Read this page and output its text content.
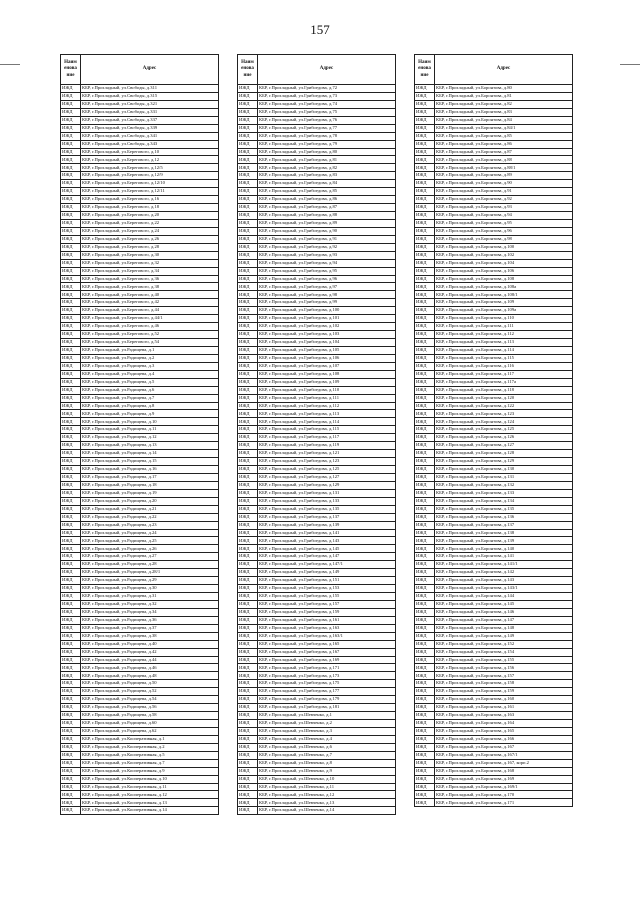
157
Наим енова ние	Адрес
ИЖД	КБР, г.Прохладный, ул.Свободы, д.311
ИЖД	КБР, г.Прохладный, ул.Свободы, д.315
ИЖД	КБР, г.Прохладный, ул.Свободы, д.321
ИЖД	КБР, г.Прохладный, ул.Свободы, д.331
ИЖД	КБР, г.Прохладный, ул.Свободы, д.337
ИЖД	КБР, г.Прохладный, ул.Свободы, д.339
ИЖД	КБР, г.Прохладный, ул.Свободы, д.341
ИЖД	КБР, г.Прохладный, ул.Свободы, д.343
ИЖД	КБР, г.Прохладный, ул.Берегового, д.10
ИЖД	КБР, г.Прохладный, ул.Берегового, д.12
ИЖД	КБР, г.Прохладный, ул.Берегового, д.12/5
ИЖД	КБР, г.Прохладный, ул.Берегового, д.12/9
ИЖД	КБР, г.Прохладный, ул.Берегового, д.12/10
ИЖД	КБР, г.Прохладный, ул.Берегового, д.12/11
ИЖД	КБР, г.Прохладный, ул.Берегового, д.16
ИЖД	КБР, г.Прохладный, ул.Берегового, д.18
ИЖД	КБР, г.Прохладный, ул.Берегового, д.20
ИЖД	КБР, г.Прохладный, ул.Берегового, д.22
ИЖД	КБР, г.Прохладный, ул.Берегового, д.24
ИЖД	КБР, г.Прохладный, ул.Берегового, д.26
ИЖД	КБР, г.Прохладный, ул.Берегового, д.28
ИЖД	КБР, г.Прохладный, ул.Берегового, д.30
ИЖД	КБР, г.Прохладный, ул.Берегового, д.32
ИЖД	КБР, г.Прохладный, ул.Берегового, д.34
ИЖД	КБР, г.Прохладный, ул.Берегового, д.36
ИЖД	КБР, г.Прохладный, ул.Берегового, д.38
ИЖД	КБР, г.Прохладный, ул.Берегового, д.40
ИЖД	КБР, г.Прохладный, ул.Берегового, д.42
ИЖД	КБР, г.Прохладный, ул.Берегового, д.44
ИЖД	КБР, г.Прохладный, ул.Берегового, д.44/1
ИЖД	КБР, г.Прохладный, ул.Берегового, д.46
ИЖД	КБР, г.Прохладный, ул.Берегового, д.52
ИЖД	КБР, г.Прохладный, ул.Берегового, д.54
ИЖД	КБР, г.Прохладный, ул.Радищева, д.1
ИЖД	КБР, г.Прохладный, ул.Радищева, д.2
ИЖД	КБР, г.Прохладный, ул.Радищева, д.3
ИЖД	КБР, г.Прохладный, ул.Радищева, д.4
ИЖД	КБР, г.Прохладный, ул.Радищева, д.5
ИЖД	КБР, г.Прохладный, ул.Радищева, д.6
ИЖД	КБР, г.Прохладный, ул.Радищева, д.7
ИЖД	КБР, г.Прохладный, ул.Радищева, д.8
ИЖД	КБР, г.Прохладный, ул.Радищева, д.9
ИЖД	КБР, г.Прохладный, ул.Радищева, д.10
ИЖД	КБР, г.Прохладный, ул.Радищева, д.11
ИЖД	КБР, г.Прохладный, ул.Радищева, д.12
ИЖД	КБР, г.Прохладный, ул.Радищева, д.13
ИЖД	КБР, г.Прохладный, ул.Радищева, д.14
ИЖД	КБР, г.Прохладный, ул.Радищева, д.15
ИЖД	КБР, г.Прохладный, ул.Радищева, д.16
ИЖД	КБР, г.Прохладный, ул.Радищева, д.17
ИЖД	КБР, г.Прохладный, ул.Радищева, д.18
ИЖД	КБР, г.Прохладный, ул.Радищева, д.19
ИЖД	КБР, г.Прохладный, ул.Радищева, д.20
ИЖД	КБР, г.Прохладный, ул.Радищева, д.21
ИЖД	КБР, г.Прохладный, ул.Радищева, д.22
ИЖД	КБР, г.Прохладный, ул.Радищева, д.23
ИЖД	КБР, г.Прохладный, ул.Радищева, д.24
ИЖД	КБР, г.Прохладный, ул.Радищева, д.25
ИЖД	КБР, г.Прохладный, ул.Радищева, д.26
ИЖД	КБР, г.Прохладный, ул.Радищева, д.27
ИЖД	КБР, г.Прохладный, ул.Радищева, д.28
ИЖД	КБР, г.Прохладный, ул.Радищева, д.28/1
ИЖД	КБР, г.Прохладный, ул.Радищева, д.29
ИЖД	КБР, г.Прохладный, ул.Радищева, д.30
ИЖД	КБР, г.Прохладный, ул.Радищева, д.31
ИЖД	КБР, г.Прохладный, ул.Радищева, д.32
ИЖД	КБР, г.Прохладный, ул.Радищева, д.34
ИЖД	КБР, г.Прохладный, ул.Радищева, д.36
ИЖД	КБР, г.Прохладный, ул.Радищева, д.37
ИЖД	КБР, г.Прохладный, ул.Радищева, д.38
ИЖД	КБР, г.Прохладный, ул.Радищева, д.40
ИЖД	КБР, г.Прохладный, ул.Радищева, д.42
ИЖД	КБР, г.Прохладный, ул.Радищева, д.44
ИЖД	КБР, г.Прохладный, ул.Радищева, д.46
ИЖД	КБР, г.Прохладный, ул.Радищева, д.48
ИЖД	КБР, г.Прохладный, ул.Радищева, д.50
ИЖД	КБР, г.Прохладный, ул.Радищева, д.52
ИЖД	КБР, г.Прохладный, ул.Радищева, д.54
ИЖД	КБР, г.Прохладный, ул.Радищева, д.56
ИЖД	КБР, г.Прохладный, ул.Радищева, д.58
ИЖД	КБР, г.Прохладный, ул.Радищева, д.60
ИЖД	КБР, г.Прохладный, ул.Радищева, д.62
ИЖД	КБР, г.Прохладный, ул.Кооперативная, д.1
ИЖД	КБР, г.Прохладный, ул.Кооперативная, д.2
ИЖД	КБР, г.Прохладный, ул.Кооперативная, д.5
ИЖД	КБР, г.Прохладный, ул.Кооперативная, д.7
ИЖД	КБР, г.Прохладный, ул.Кооперативная, д.9
ИЖД	КБР, г.Прохладный, ул.Кооперативная, д.10
ИЖД	КБР, г.Прохладный, ул.Кооперативная, д.11
ИЖД	КБР, г.Прохладный, ул.Кооперативная, д.12
ИЖД	КБР, г.Прохладный, ул.Кооперативная, д.13
ИЖД	КБР, г.Прохладный, ул.Кооперативная, д.14
Наим енова ние	Адрес
ИЖД	КБР, г.Прохладный, ул.Грибоедова, д.72
ИЖД	КБР, г.Прохладный, ул.Грибоедова, д.73
ИЖД	КБР, г.Прохладный, ул.Грибоедова, д.74
ИЖД	КБР, г.Прохладный, ул.Грибоедова, д.75
ИЖД	КБР, г.Прохладный, ул.Грибоедова, д.76
ИЖД	КБР, г.Прохладный, ул.Грибоедова, д.77
ИЖД	КБР, г.Прохладный, ул.Грибоедова, д.78
ИЖД	КБР, г.Прохладный, ул.Грибоедова, д.79
ИЖД	КБР, г.Прохладный, ул.Грибоедова, д.80
ИЖД	КБР, г.Прохладный, ул.Грибоедова, д.81
ИЖД	КБР, г.Прохладный, ул.Грибоедова, д.82
ИЖД	КБР, г.Прохладный, ул.Грибоедова, д.83
ИЖД	КБР, г.Прохладный, ул.Грибоедова, д.84
ИЖД	КБР, г.Прохладный, ул.Грибоедова, д.85
ИЖД	КБР, г.Прохладный, ул.Грибоедова, д.86
ИЖД	КБР, г.Прохладный, ул.Грибоедова, д.87
ИЖД	КБР, г.Прохладный, ул.Грибоедова, д.88
ИЖД	КБР, г.Прохладный, ул.Грибоедова, д.89
ИЖД	КБР, г.Прохладный, ул.Грибоедова, д.90
ИЖД	КБР, г.Прохладный, ул.Грибоедова, д.91
ИЖД	КБР, г.Прохладный, ул.Грибоедова, д.92
ИЖД	КБР, г.Прохладный, ул.Грибоедова, д.93
ИЖД	КБР, г.Прохладный, ул.Грибоедова, д.94
ИЖД	КБР, г.Прохладный, ул.Грибоедова, д.95
ИЖД	КБР, г.Прохладный, ул.Грибоедова, д.96
ИЖД	КБР, г.Прохладный, ул.Грибоедова, д.97
ИЖД	КБР, г.Прохладный, ул.Грибоедова, д.98
ИЖД	КБР, г.Прохладный, ул.Грибоедова, д.99
ИЖД	КБР, г.Прохладный, ул.Грибоедова, д.100
ИЖД	КБР, г.Прохладный, ул.Грибоедова, д.101
ИЖД	КБР, г.Прохладный, ул.Грибоедова, д.102
ИЖД	КБР, г.Прохладный, ул.Грибоедова, д.103
ИЖД	КБР, г.Прохладный, ул.Грибоедова, д.104
ИЖД	КБР, г.Прохладный, ул.Грибоедова, д.105
ИЖД	КБР, г.Прохладный, ул.Грибоедова, д.106
ИЖД	КБР, г.Прохладный, ул.Грибоедова, д.107
ИЖД	КБР, г.Прохладный, ул.Грибоедова, д.108
ИЖД	КБР, г.Прохладный, ул.Грибоедова, д.109
ИЖД	КБР, г.Прохладный, ул.Грибоедова, д.110
ИЖД	КБР, г.Прохладный, ул.Грибоедова, д.111
ИЖД	КБР, г.Прохладный, ул.Грибоедова, д.112
ИЖД	КБР, г.Прохладный, ул.Грибоедова, д.113
ИЖД	КБР, г.Прохладный, ул.Грибоедова, д.114
ИЖД	КБР, г.Прохладный, ул.Грибоедова, д.115
ИЖД	КБР, г.Прохладный, ул.Грибоедова, д.117
ИЖД	КБР, г.Прохладный, ул.Грибоедова, д.119
ИЖД	КБР, г.Прохладный, ул.Грибоедова, д.121
ИЖД	КБР, г.Прохладный, ул.Грибоедова, д.123
ИЖД	КБР, г.Прохладный, ул.Грибоедова, д.125
ИЖД	КБР, г.Прохладный, ул.Грибоедова, д.127
ИЖД	КБР, г.Прохладный, ул.Грибоедова, д.129
ИЖД	КБР, г.Прохладный, ул.Грибоедова, д.131
ИЖД	КБР, г.Прохладный, ул.Грибоедова, д.133
ИЖД	КБР, г.Прохладный, ул.Грибоедова, д.135
ИЖД	КБР, г.Прохладный, ул.Грибоедова, д.137
ИЖД	КБР, г.Прохладный, ул.Грибоедова, д.139
ИЖД	КБР, г.Прохладный, ул.Грибоедова, д.141
ИЖД	КБР, г.Прохладный, ул.Грибоедова, д.143
ИЖД	КБР, г.Прохладный, ул.Грибоедова, д.145
ИЖД	КБР, г.Прохладный, ул.Грибоедова, д.147
ИЖД	КБР, г.Прохладный, ул.Грибоедова, д.147/1
ИЖД	КБР, г.Прохладный, ул.Грибоедова, д.149
ИЖД	КБР, г.Прохладный, ул.Грибоедова, д.151
ИЖД	КБР, г.Прохладный, ул.Грибоедова, д.153
ИЖД	КБР, г.Прохладный, ул.Грибоедова, д.155
ИЖД	КБР, г.Прохладный, ул.Грибоедова, д.157
ИЖД	КБР, г.Прохладный, ул.Грибоедова, д.159
ИЖД	КБР, г.Прохладный, ул.Грибоедова, д.161
ИЖД	КБР, г.Прохладный, ул.Грибоедова, д.163
ИЖД	КБР, г.Прохладный, ул.Грибоедова, д.163/1
ИЖД	КБР, г.Прохладный, ул.Грибоедова, д.165
ИЖД	КБР, г.Прохладный, ул.Грибоедова, д.167
ИЖД	КБР, г.Прохладный, ул.Грибоедова, д.169
ИЖД	КБР, г.Прохладный, ул.Грибоедова, д.171
ИЖД	КБР, г.Прохладный, ул.Грибоедова, д.173
ИЖД	КБР, г.Прохладный, ул.Грибоедова, д.175
ИЖД	КБР, г.Прохладный, ул.Грибоедова, д.177
ИЖД	КБР, г.Прохладный, ул.Грибоедова, д.179
ИЖД	КБР, г.Прохладный, ул.Грибоедова, д.181
ИЖД	КБР, г.Прохладный, ул.Шевченко, д.1
ИЖД	КБР, г.Прохладный, ул.Шевченко, д.2
ИЖД	КБР, г.Прохладный, ул.Шевченко, д.3
ИЖД	КБР, г.Прохладный, ул.Шевченко, д.4
ИЖД	КБР, г.Прохладный, ул.Шевченко, д.6
ИЖД	КБР, г.Прохладный, ул.Шевченко, д.7
ИЖД	КБР, г.Прохладный, ул.Шевченко, д.8
ИЖД	КБР, г.Прохладный, ул.Шевченко, д.9
ИЖД	КБР, г.Прохладный, ул.Шевченко, д.10
ИЖД	КБР, г.Прохладный, ул.Шевченко, д.11
ИЖД	КБР, г.Прохладный, ул.Шевченко, д.12
ИЖД	КБР, г.Прохладный, ул.Шевченко, д.13
ИЖД	КБР, г.Прохладный, ул.Шевченко, д.14
Наим енова ние	Адрес
ИЖД	КБР, г.Прохладный, ул.Боронтова, д.80
ИЖД	КБР, г.Прохладный, ул.Боронтова, д.81
ИЖД	КБР, г.Прохладный, ул.Боронтова, д.82
ИЖД	КБР, г.Прохладный, ул.Боронтова, д.83
ИЖД	КБР, г.Прохладный, ул.Боронтова, д.84
ИЖД	КБР, г.Прохладный, ул.Боронтова, д.84/1
ИЖД	КБР, г.Прохладный, ул.Боронтова, д.85
ИЖД	КБР, г.Прохладный, ул.Боронтова, д.86
ИЖД	КБР, г.Прохладный, ул.Боронтова, д.87
ИЖД	КБР, г.Прохладный, ул.Боронтова, д.88
ИЖД	КБР, г.Прохладный, ул.Боронтова, д.88/1
ИЖД	КБР, г.Прохладный, ул.Боронтова, д.89
ИЖД	КБР, г.Прохладный, ул.Боронтова, д.90
ИЖД	КБР, г.Прохладный, ул.Боронтова, д.91
ИЖД	КБР, г.Прохладный, ул.Боронтова, д.92
ИЖД	КБР, г.Прохладный, ул.Боронтова, д.93
ИЖД	КБР, г.Прохладный, ул.Боронтова, д.94
ИЖД	КБР, г.Прохладный, ул.Боронтова, д.95
ИЖД	КБР, г.Прохладный, ул.Боронтова, д.96
ИЖД	КБР, г.Прохладный, ул.Боронтова, д.98
ИЖД	КБР, г.Прохладный, ул.Боронтова, д.100
ИЖД	КБР, г.Прохладный, ул.Боронтова, д.102
ИЖД	КБР, г.Прохладный, ул.Боронтова, д.104
ИЖД	КБР, г.Прохладный, ул.Боронтова, д.106
ИЖД	КБР, г.Прохладный, ул.Боронтова, д.108
ИЖД	КБР, г.Прохладный, ул.Боронтова, д.108а
ИЖД	КБР, г.Прохладный, ул.Боронтова, д.108/1
ИЖД	КБР, г.Прохладный, ул.Боронтова, д.109
ИЖД	КБР, г.Прохладный, ул.Боронтова, д.109а
ИЖД	КБР, г.Прохладный, ул.Боронтова, д.110
ИЖД	КБР, г.Прохладный, ул.Боронтова, д.111
ИЖД	КБР, г.Прохладный, ул.Боронтова, д.112
ИЖД	КБР, г.Прохладный, ул.Боронтова, д.113
ИЖД	КБР, г.Прохладный, ул.Боронтова, д.114
ИЖД	КБР, г.Прохладный, ул.Боронтова, д.115
ИЖД	КБР, г.Прохладный, ул.Боронтова, д.116
ИЖД	КБР, г.Прохладный, ул.Боронтова, д.117
ИЖД	КБР, г.Прохладный, ул.Боронтова, д.117а
ИЖД	КБР, г.Прохладный, ул.Боронтова, д.118
ИЖД	КБР, г.Прохладный, ул.Боронтова, д.120
ИЖД	КБР, г.Прохладный, ул.Боронтова, д.122
ИЖД	КБР, г.Прохладный, ул.Боронтова, д.123
ИЖД	КБР, г.Прохладный, ул.Боронтова, д.124
ИЖД	КБР, г.Прохладный, ул.Боронтова, д.125
ИЖД	КБР, г.Прохладный, ул.Боронтова, д.126
ИЖД	КБР, г.Прохладный, ул.Боронтова, д.127
ИЖД	КБР, г.Прохладный, ул.Боронтова, д.128
ИЖД	КБР, г.Прохладный, ул.Боронтова, д.129
ИЖД	КБР, г.Прохладный, ул.Боронтова, д.130
ИЖД	КБР, г.Прохладный, ул.Боронтова, д.131
ИЖД	КБР, г.Прохладный, ул.Боронтова, д.132
ИЖД	КБР, г.Прохладный, ул.Боронтова, д.133
ИЖД	КБР, г.Прохладный, ул.Боронтова, д.134
ИЖД	КБР, г.Прохладный, ул.Боронтова, д.135
ИЖД	КБР, г.Прохладный, ул.Боронтова, д.136
ИЖД	КБР, г.Прохладный, ул.Боронтова, д.137
ИЖД	КБР, г.Прохладный, ул.Боронтова, д.138
ИЖД	КБР, г.Прохладный, ул.Боронтова, д.139
ИЖД	КБР, г.Прохладный, ул.Боронтова, д.140
ИЖД	КБР, г.Прохладный, ул.Боронтова, д.141
ИЖД	КБР, г.Прохладный, ул.Боронтова, д.141/1
ИЖД	КБР, г.Прохладный, ул.Боронтова, д.142
ИЖД	КБР, г.Прохладный, ул.Боронтова, д.143
ИЖД	КБР, г.Прохладный, ул.Боронтова, д.143/1
ИЖД	КБР, г.Прохладный, ул.Боронтова, д.144
ИЖД	КБР, г.Прохладный, ул.Боронтова, д.145
ИЖД	КБР, г.Прохладный, ул.Боронтова, д.146
ИЖД	КБР, г.Прохладный, ул.Боронтова, д.147
ИЖД	КБР, г.Прохладный, ул.Боронтова, д.148
ИЖД	КБР, г.Прохладный, ул.Боронтова, д.149
ИЖД	КБР, г.Прохладный, ул.Боронтова, д.152
ИЖД	КБР, г.Прохладный, ул.Боронтова, д.154
ИЖД	КБР, г.Прохладный, ул.Боронтова, д.155
ИЖД	КБР, г.Прохладный, ул.Боронтова, д.156
ИЖД	КБР, г.Прохладный, ул.Боронтова, д.157
ИЖД	КБР, г.Прохладный, ул.Боронтова, д.158
ИЖД	КБР, г.Прохладный, ул.Боронтова, д.159
ИЖД	КБР, г.Прохладный, ул.Боронтова, д.160
ИЖД	КБР, г.Прохладный, ул.Боронтова, д.161
ИЖД	КБР, г.Прохладный, ул.Боронтова, д.163
ИЖД	КБР, г.Прохладный, ул.Боронтова, д.164
ИЖД	КБР, г.Прохладный, ул.Боронтова, д.165
ИЖД	КБР, г.Прохладный, ул.Боронтова, д.166
ИЖД	КБР, г.Прохладный, ул.Боронтова, д.167
ИЖД	КБР, г.Прохладный, ул.Боронтова, д.167/1
ИЖД	КБР, г.Прохладный, ул.Боронтова, д.167, корп.2
ИЖД	КБР, г.Прохладный, ул.Боронтова, д.168
ИЖД	КБР, г.Прохладный, ул.Боронтова, д.169
ИЖД	КБР, г.Прохладный, ул.Боронтова, д.169/1
ИЖД	КБР, г.Прохладный, ул.Боронтова, д.170
ИЖД	КБР, г.Прохладный, ул.Боронтова, д.171
